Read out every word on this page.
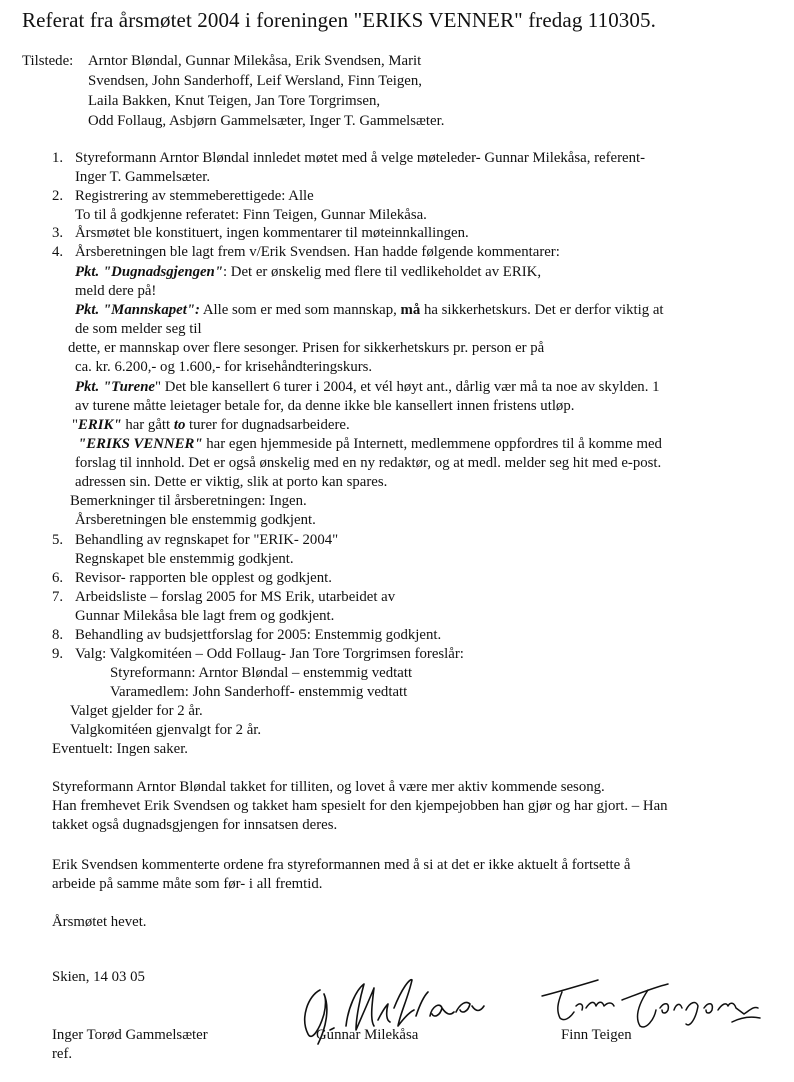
Referat fra årsmøtet 2004 i foreningen "ERIKS VENNER" fredag 110305.
Tilstede: Arntor Bløndal, Gunnar Milekåsa, Erik Svendsen, Marit
Svendsen, John Sanderhoff, Leif Wersland, Finn Teigen,
Laila Bakken, Knut Teigen, Jan Tore Torgrimsen,
Odd Follaug, Asbjørn Gammelsæter, Inger T. Gammelsæter.
1. Styreformann Arntor Bløndal innledet møtet med å velge møteleder- Gunnar Milekåsa, referent-
Inger T. Gammelsæter.
2. Registrering av stemmeberettigede: Alle
To til å godkjenne referatet: Finn Teigen, Gunnar Milekåsa.
3. Årsmøtet ble konstituert, ingen kommentarer til møteinnkallingen.
4. Årsberetningen ble lagt frem v/Erik Svendsen. Han hadde følgende kommentarer:
Pkt. "Dugnadsgjengen": Det er ønskelig med flere til vedlikeholdet av ERIK,
meld dere på!
Pkt. "Mannskapet": Alle som er med som mannskap, må ha sikkerhetskurs. Det er derfor viktig at
de som melder seg til
dette, er mannskap over flere sesonger. Prisen for sikkerhetskurs pr. person er på
ca. kr. 6.200,- og 1.600,- for krisehåndteringskurs.
Pkt. "Turene" Det ble kansellert 6 turer i 2004, et vél høyt ant., dårlig vær må ta noe av skylden. 1
av turene måtte leietager betale for, da denne ikke ble kansellert innen fristens utløp.
"ERIK" har gått to turer for dugnadsarbeidere.
"ERIKS VENNER" har egen hjemmeside på Internett, medlemmene oppfordres til å komme med
forslag til innhold. Det er også ønskelig med en ny redaktør, og at medl. melder seg hit med e-post.
adressen sin. Dette er viktig, slik at porto kan spares.
Bemerkninger til årsberetningen: Ingen.
Årsberetningen ble enstemmig godkjent.
5. Behandling av regnskapet for "ERIK- 2004"
Regnskapet ble enstemmig godkjent.
6. Revisor- rapporten ble opplest og godkjent.
7. Arbeidsliste – forslag 2005 for MS Erik, utarbeidet av
Gunnar Milekåsa ble lagt frem og godkjent.
8. Behandling av budsjettforslag for 2005: Enstemmig godkjent.
9. Valg: Valgkomitéen – Odd Follaug- Jan Tore Torgrimsen foreslår:
Styreformann: Arntor Bløndal – enstemmig vedtatt
Varamedlem: John Sanderhoff- enstemmig vedtatt
Valget gjelder for 2 år.
Valgkomitéen gjenvalgt for 2 år.
Eventuelt: Ingen saker.
Styreformann Arntor Bløndal takket for tilliten, og lovet å være mer aktiv kommende sesong.
Han fremhevet Erik Svendsen og takket ham spesielt for den kjempejobben han gjør og har gjort. – Han
takket også dugnadsgjengen for innsatsen deres.
Erik Svendsen kommenterte ordene fra styreformannen med å si at det er ikke aktuelt å fortsette å
arbeide på samme måte som før- i all fremtid.
Årsmøtet hevet.
Skien, 14 03 05
Inger Torød Gammelsæter
ref.
Gunnar Milekåsa	Finn Teigen
